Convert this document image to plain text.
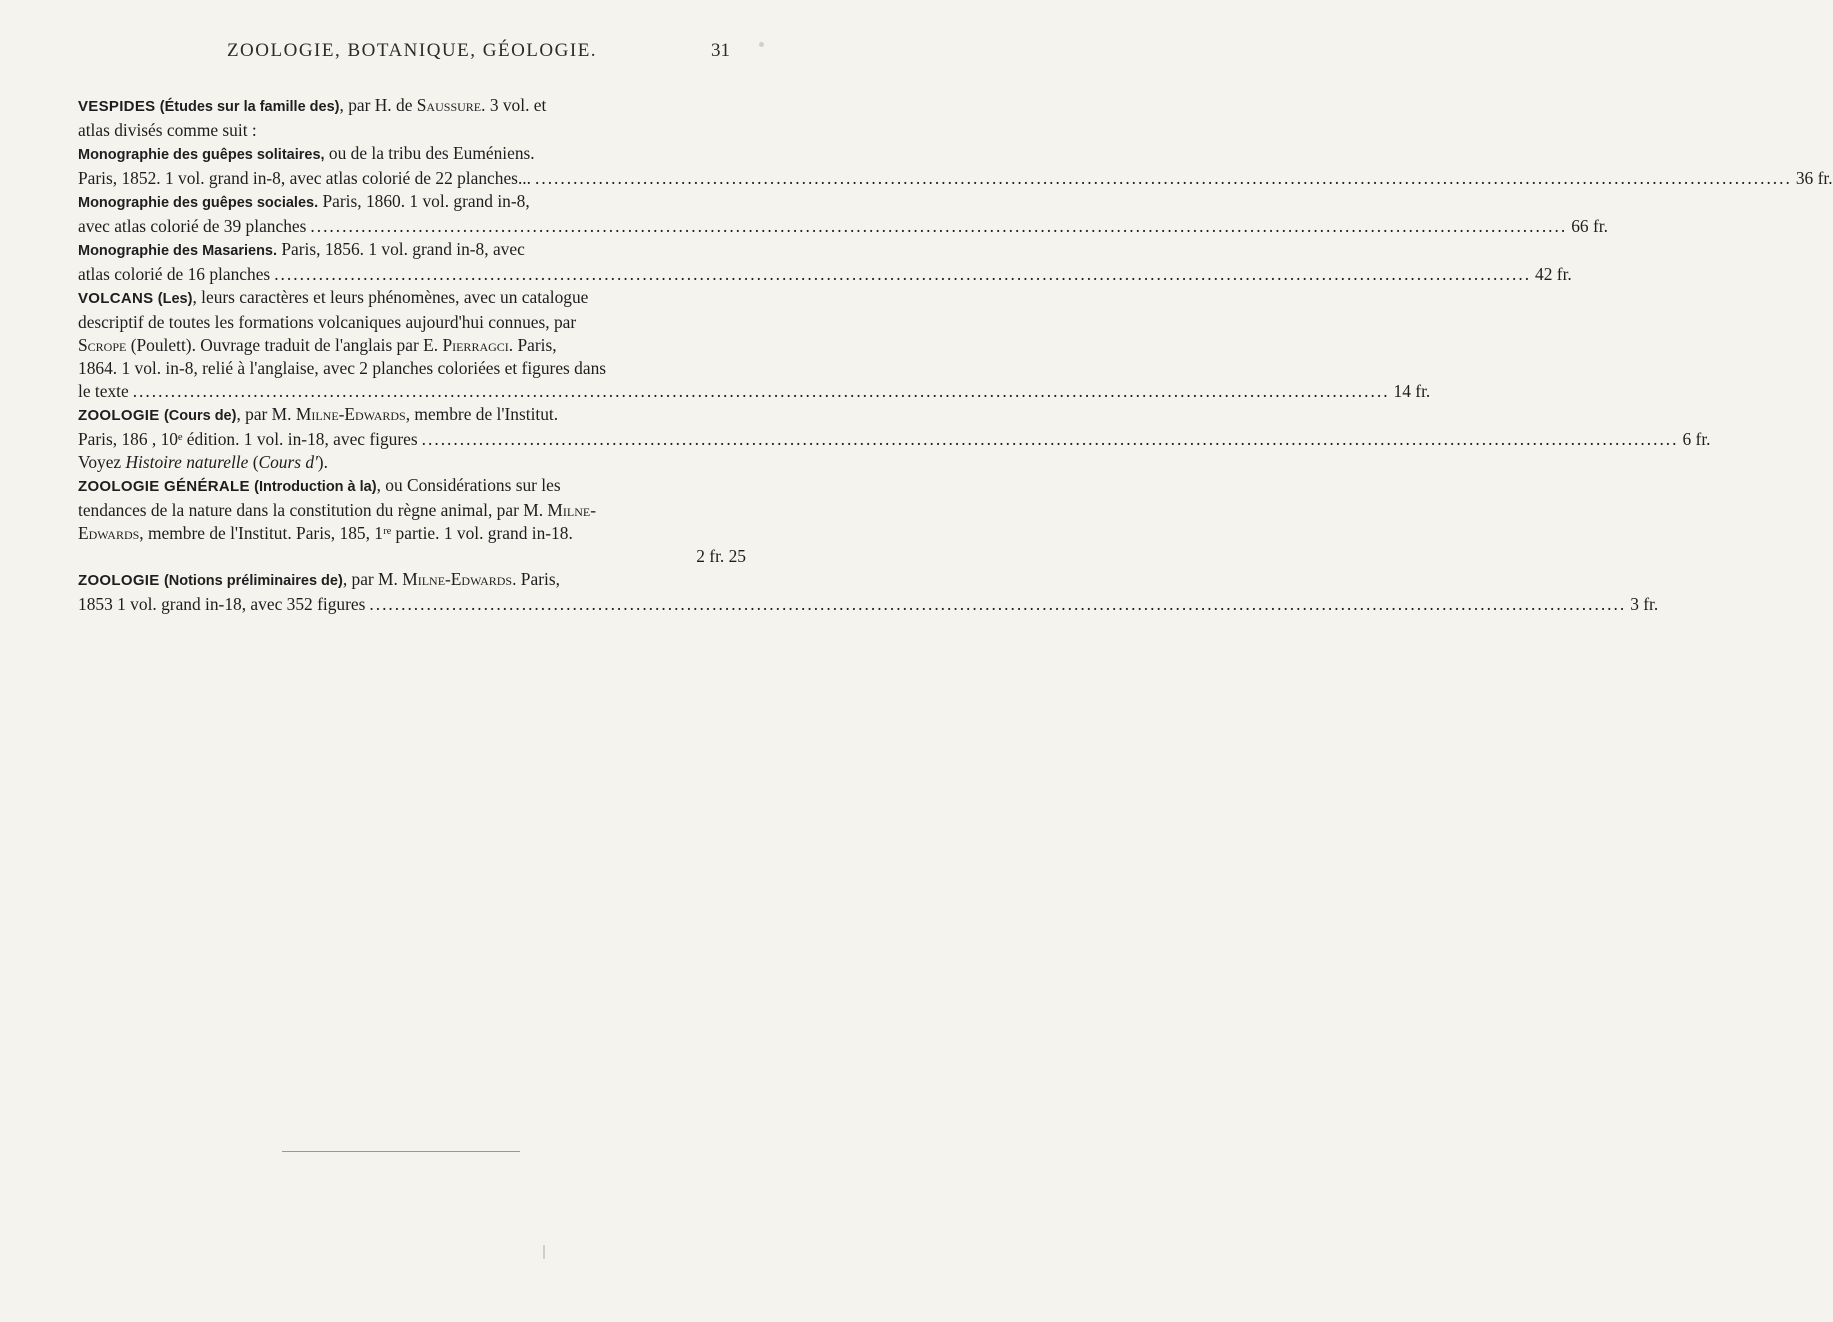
ZOOLOGIE, BOTANIQUE, GÉOLOGIE.	31
VESPIDES (Études sur la famille des), par H. de Saussure. 3 vol. et
atlas divisés comme suit :
Monographie des guêpes solitaires, ou de la tribu des Euméniens.
Paris, 1852. 1 vol. grand in-8, avec atlas colorié de 22 planches... .....	36 fr.
Monographie des guêpes sociales. Paris, 1860. 1 vol. grand in-8,
avec atlas colorié de 39 planches .....	66 fr.
Monographie des Masariens. Paris, 1856. 1 vol. grand in-8, avec
atlas colorié de 16 planches .....	42 fr.
VOLCANS (Les), leurs caractères et leurs phénomènes, avec un catalogue
descriptif de toutes les formations volcaniques aujourd'hui connues, par
Scrope (Poulett). Ouvrage traduit de l'anglais par E. Pierragci. Paris,
1864. 1 vol. in-8, relié à l'anglaise, avec 2 planches coloriées et figures dans
le texte .....	14 fr.
ZOOLOGIE (Cours de), par M. Milne-Edwards, membre de l'Institut.
Paris, 186 , 10ᵉ édition. 1 vol. in-18, avec figures .....	6 fr.
Voyez Histoire naturelle (Cours d').
ZOOLOGIE GÉNÉRALE (Introduction à la), ou Considérations sur les
tendances de la nature dans la constitution du règne animal, par M. Milne-
Edwards, membre de l'Institut. Paris, 185, 1ʳᵉ partie. 1 vol. grand in-18.
2 fr. 25
ZOOLOGIE (Notions préliminaires de), par M. Milne-Edwards. Paris,
1853 1 vol. grand in-18, avec 352 figures .....	3 fr.
